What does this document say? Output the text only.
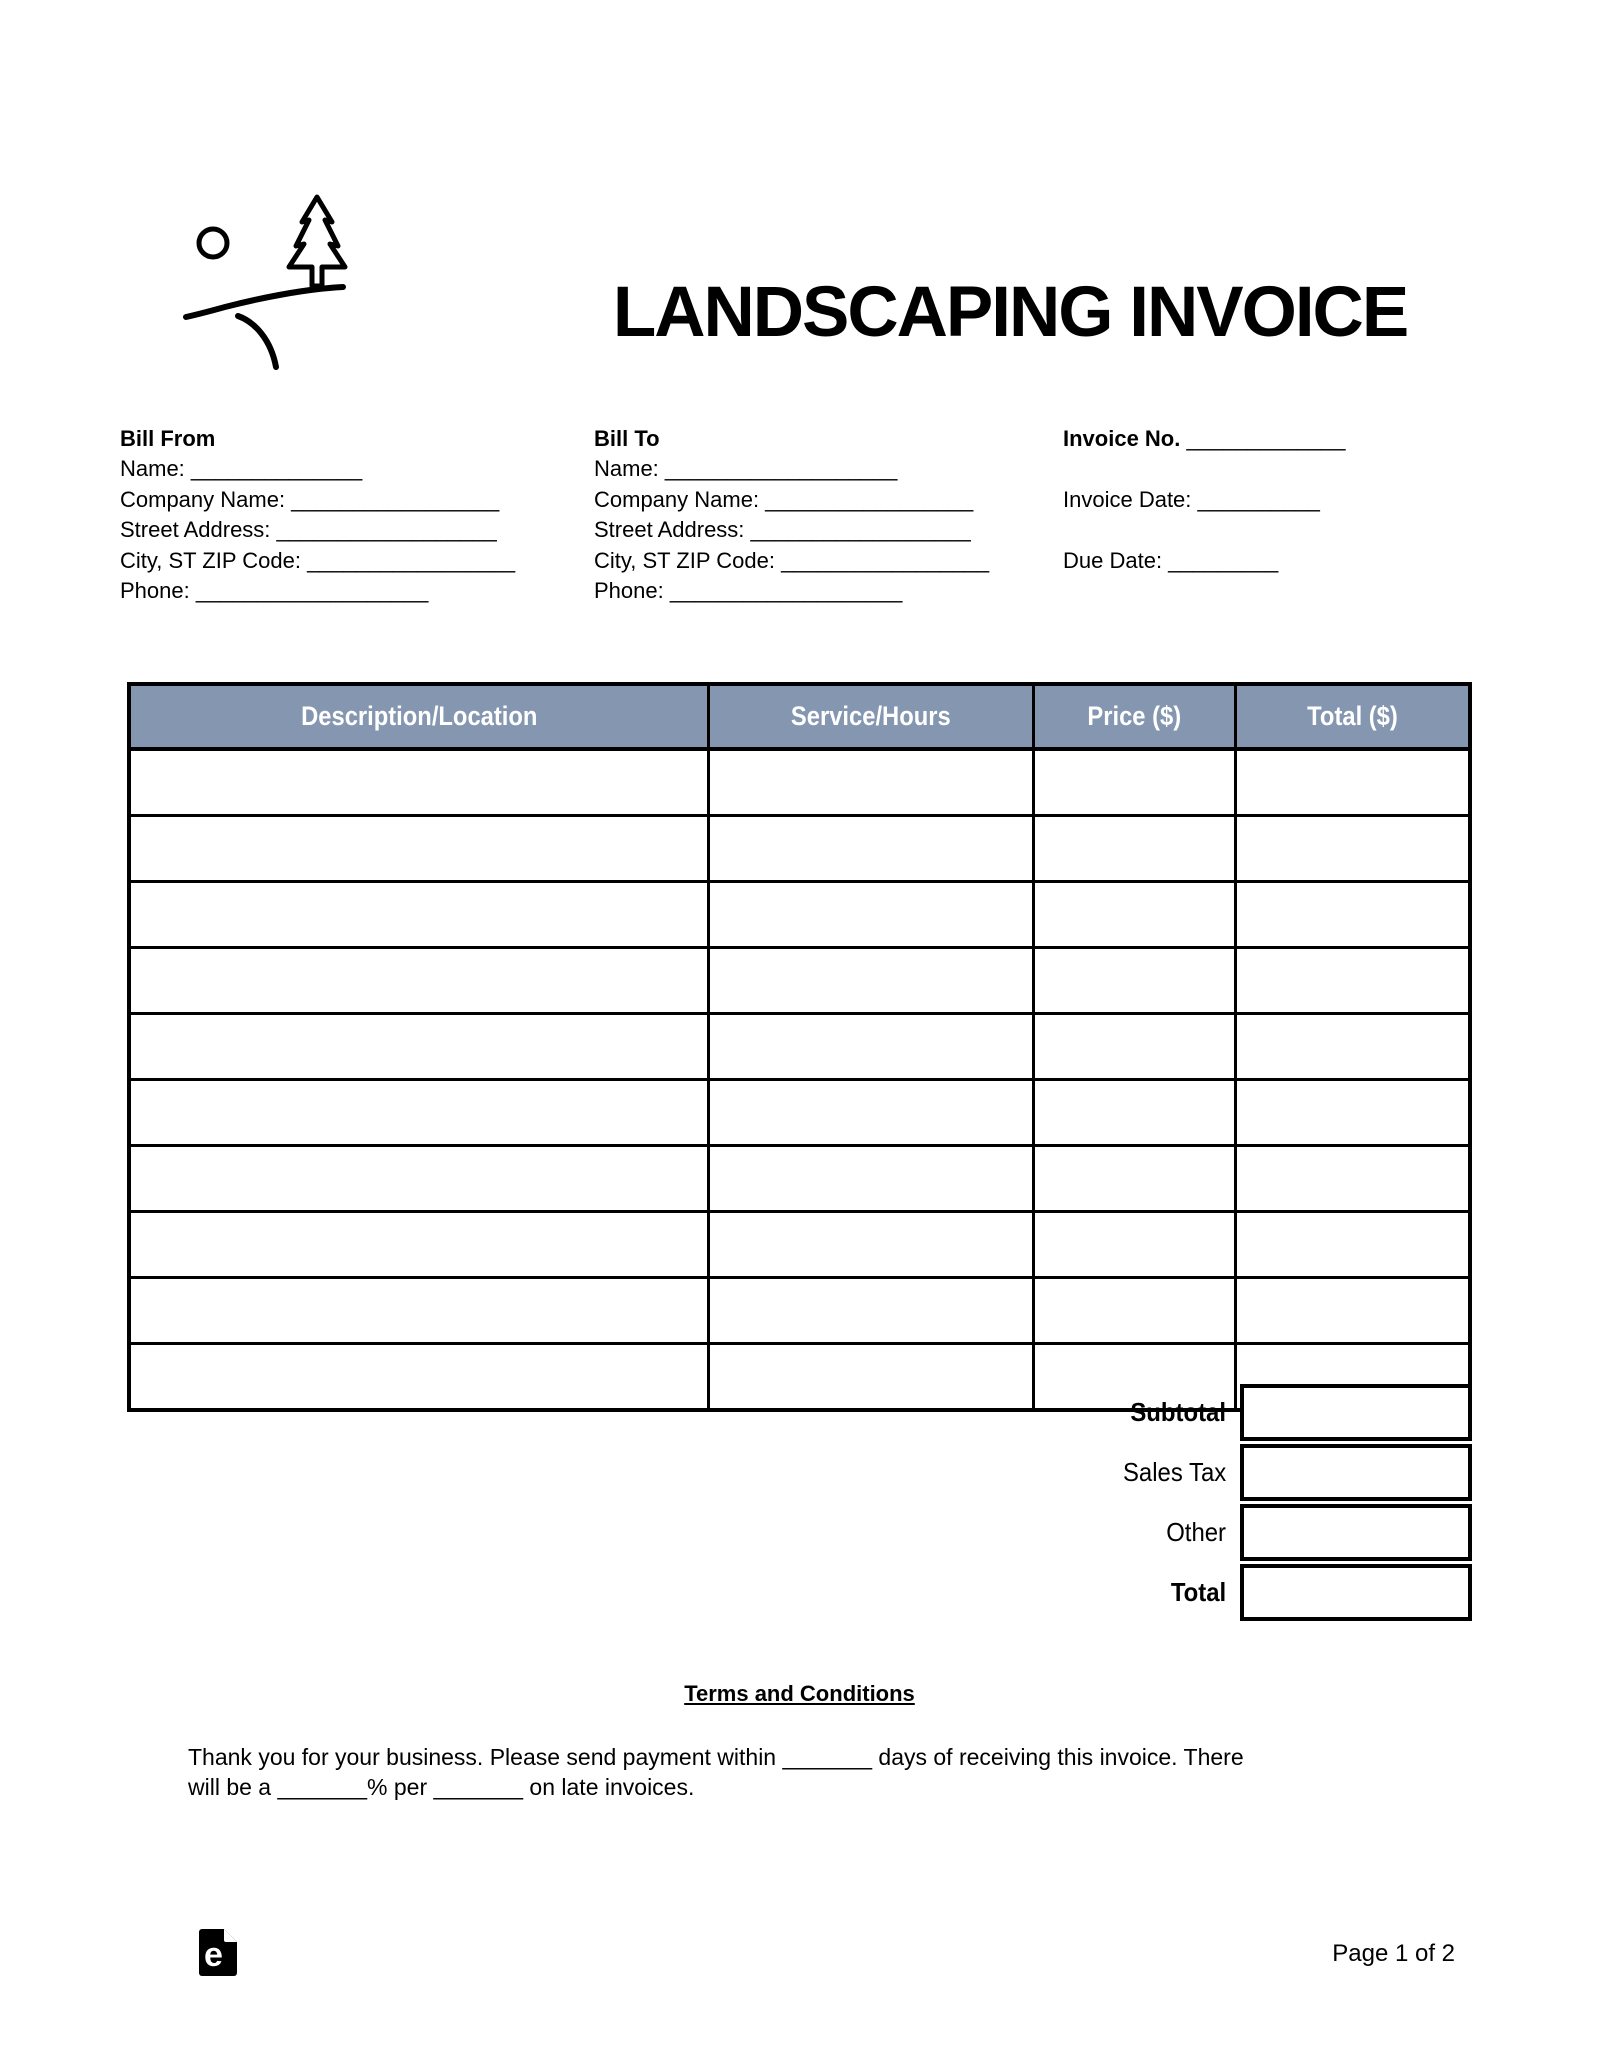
LANDSCAPING INVOICE
Bill From
Name: ______________
Company Name: _________________
Street Address: __________________
City, ST ZIP Code: _________________
Phone: ___________________
Bill To
Name: ___________________
Company Name: _________________
Street Address: __________________
City, ST ZIP Code: _________________
Phone: ___________________
Invoice No. _____________
Invoice Date: __________
Due Date: _________
Description/Location	Service/Hours	Price ($)	Total ($)
Subtotal
Sales Tax
Other
Total
Terms and Conditions
Thank you for your business. Please send payment within _______ days of receiving this invoice. There
will be a _______% per _______ on late invoices.
e	Page 1 of 2
